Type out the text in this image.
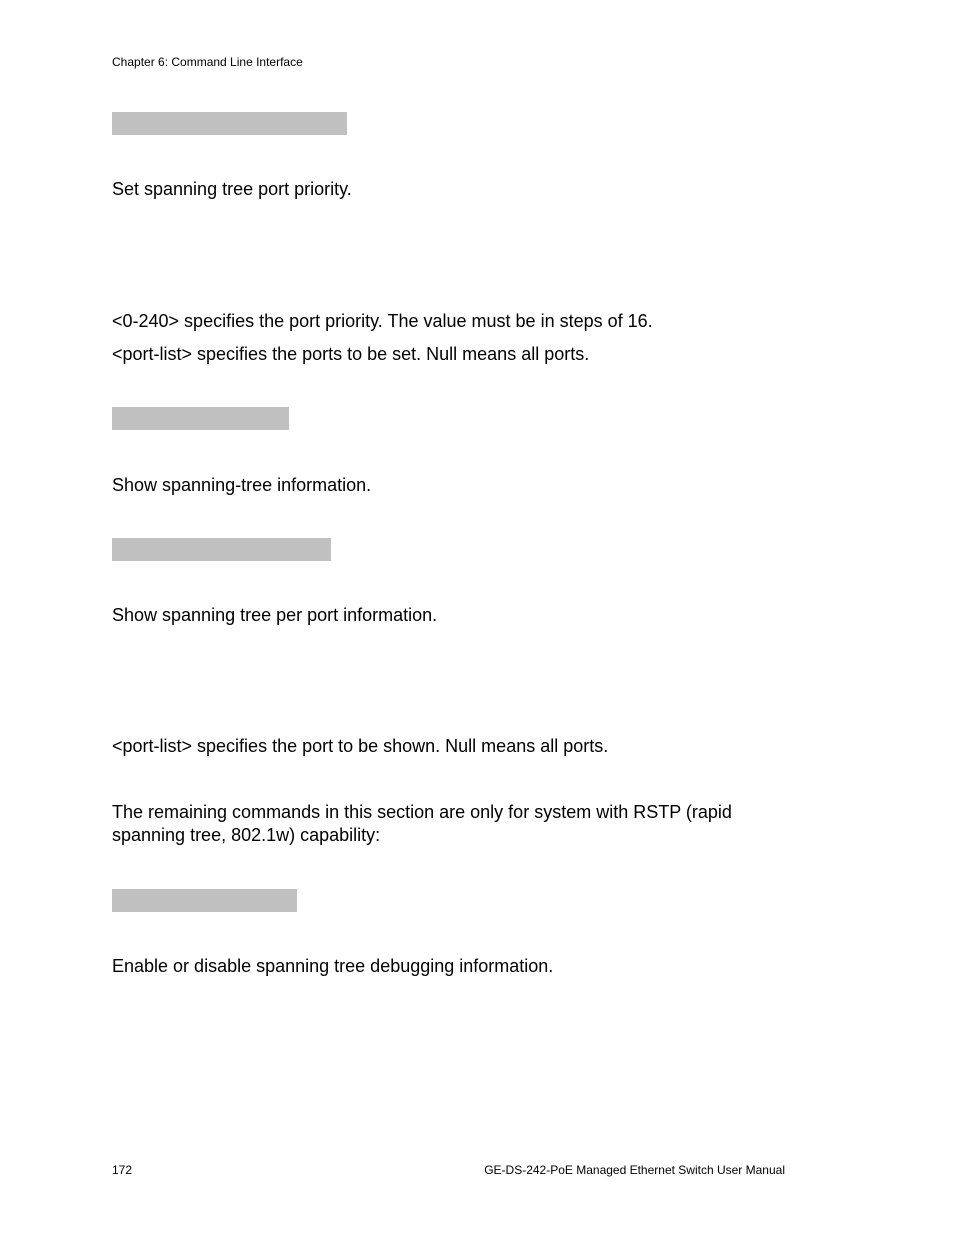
Chapter 6: Command Line Interface

Set spanning tree port priority.

<0-240> specifies the port priority. The value must be in steps of 16.

<port-list> specifies the ports to be set. Null means all ports.

Show spanning-tree information.

Show spanning tree per port information.

<port-list> specifies the port to be shown. Null means all ports.

The remaining commands in this section are only for system with RSTP (rapid spanning tree, 802.1w) capability:

Enable or disable spanning tree debugging information.

172	GE-DS-242-PoE Managed Ethernet Switch User Manual
